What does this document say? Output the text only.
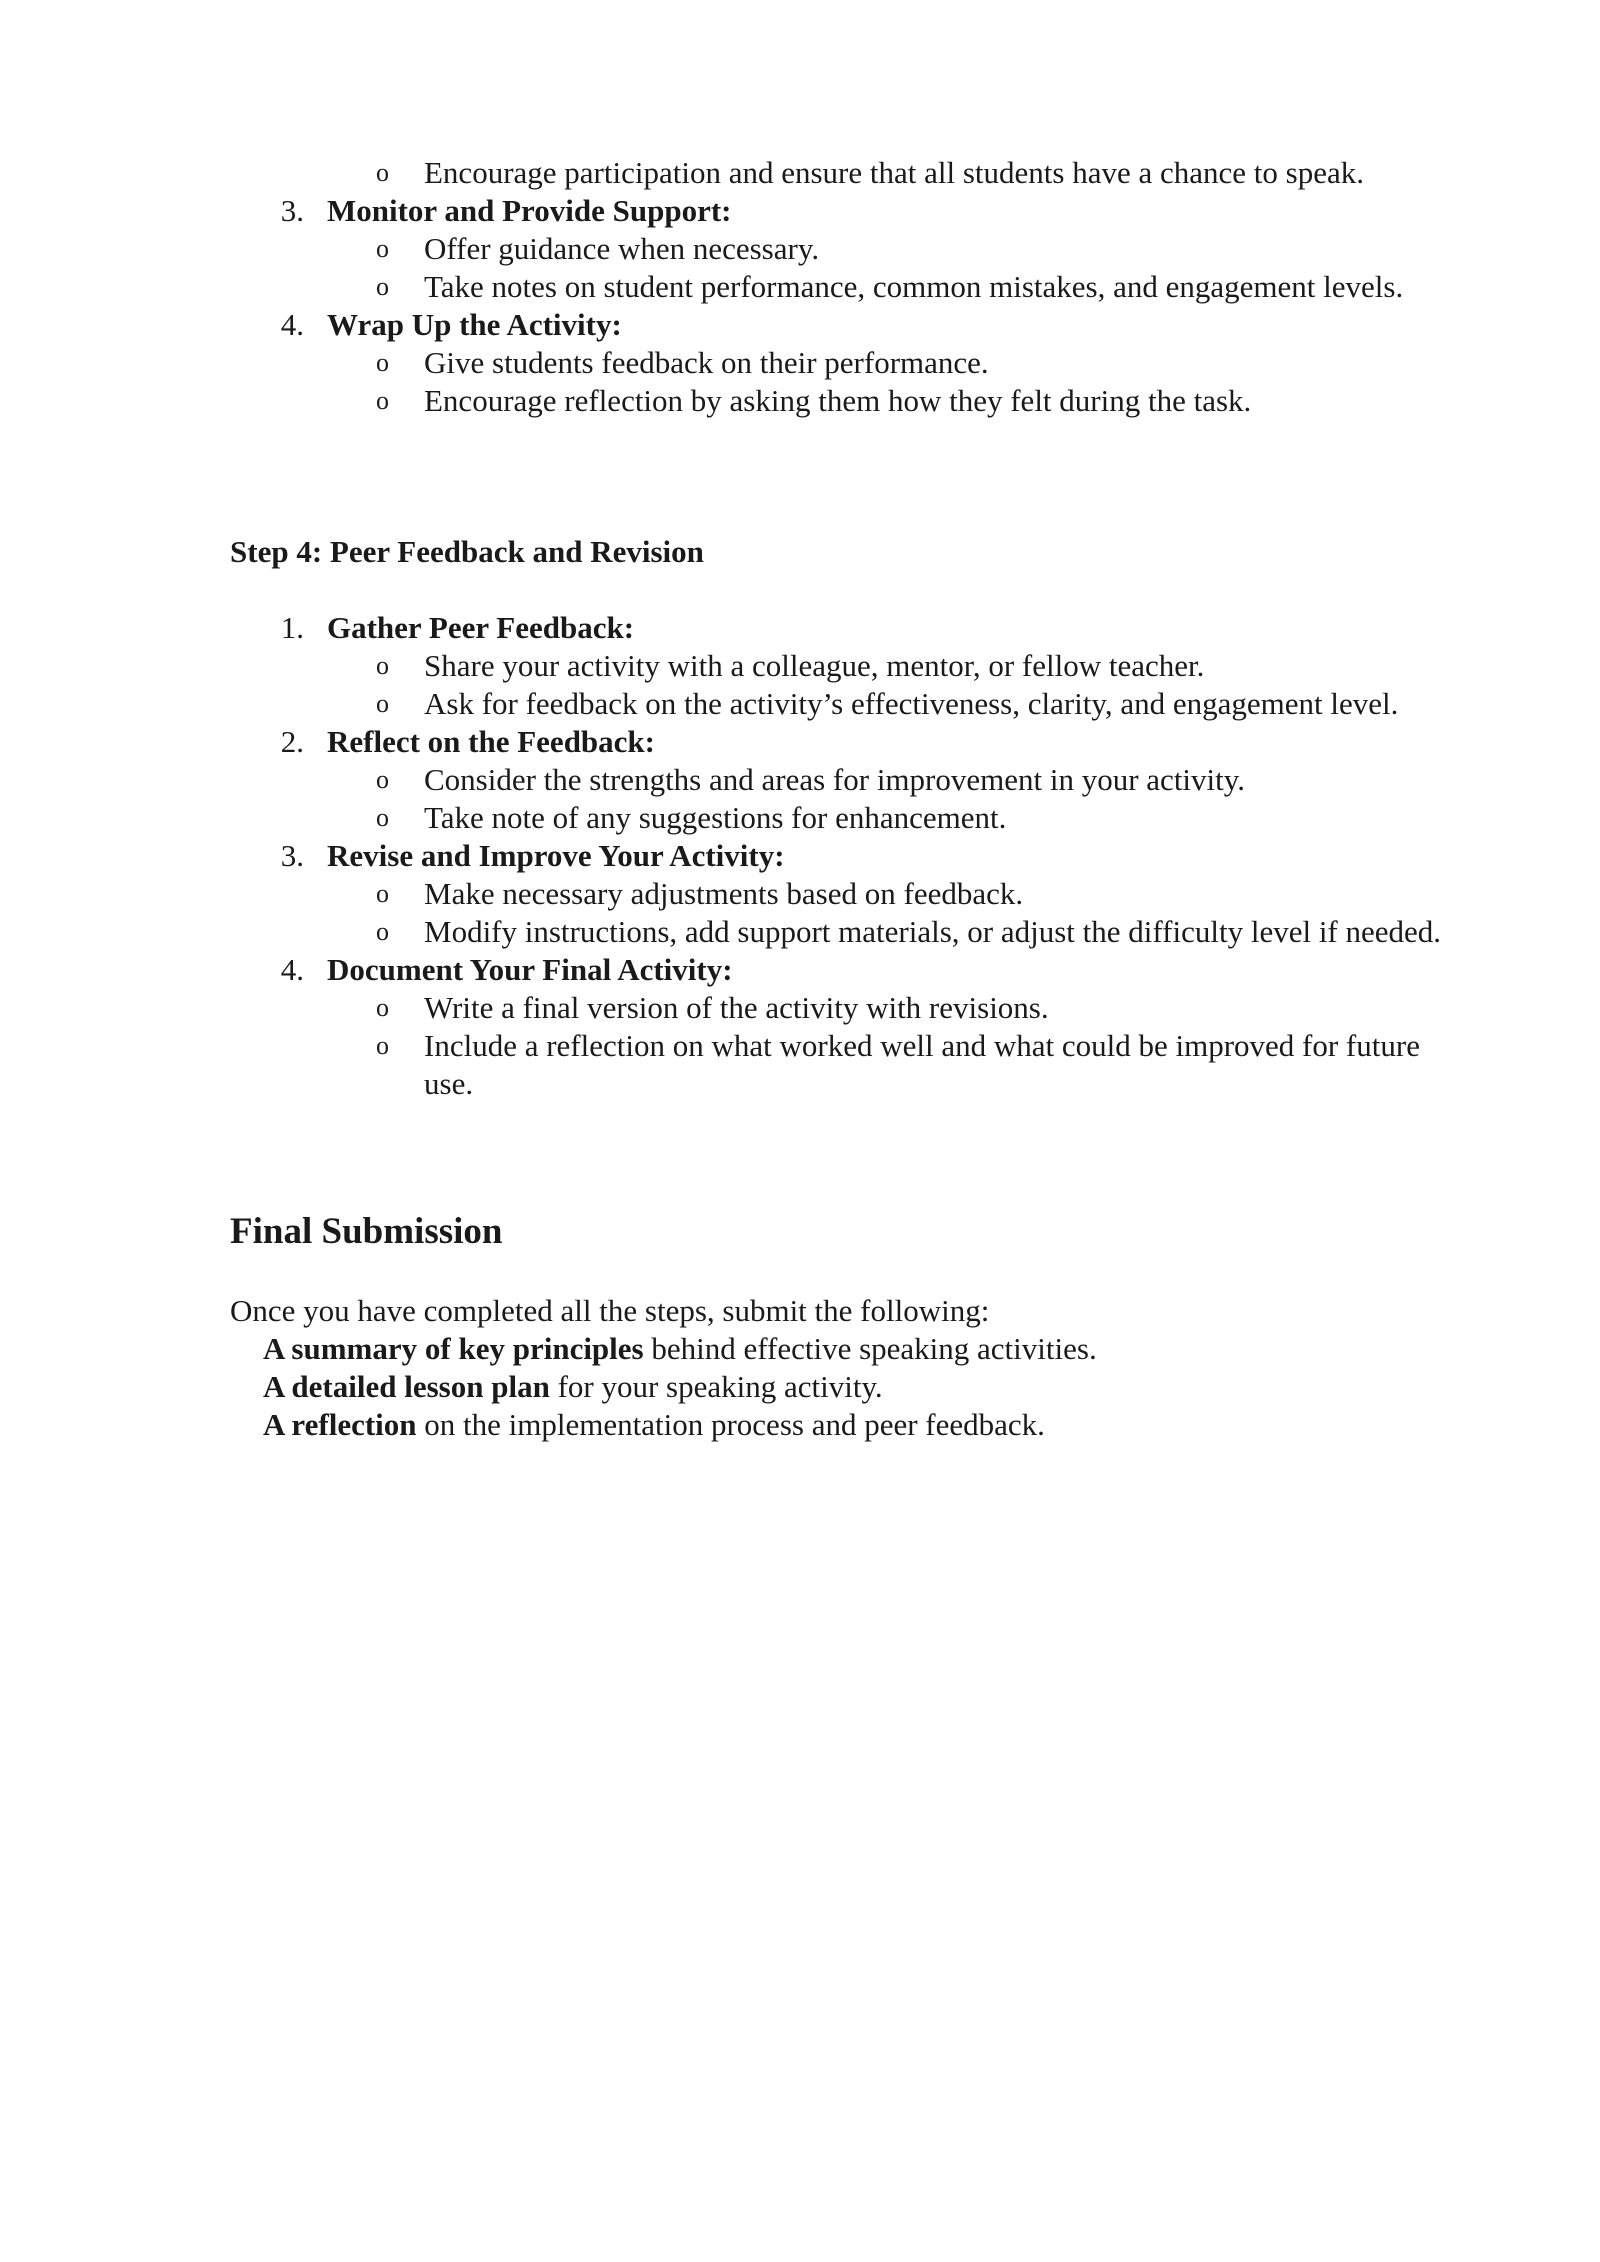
o Encourage participation and ensure that all students have a chance to speak.
3. Monitor and Provide Support:
o Offer guidance when necessary.
o Take notes on student performance, common mistakes, and engagement levels.
4. Wrap Up the Activity:
o Give students feedback on their performance.
o Encourage reflection by asking them how they felt during the task.
Step 4: Peer Feedback and Revision
1. Gather Peer Feedback:
o Share your activity with a colleague, mentor, or fellow teacher.
o Ask for feedback on the activity’s effectiveness, clarity, and engagement level.
2. Reflect on the Feedback:
o Consider the strengths and areas for improvement in your activity.
o Take note of any suggestions for enhancement.
3. Revise and Improve Your Activity:
o Make necessary adjustments based on feedback.
o Modify instructions, add support materials, or adjust the difficulty level if needed.
4. Document Your Final Activity:
o Write a final version of the activity with revisions.
o Include a reflection on what worked well and what could be improved for future
use.
Final Submission
Once you have completed all the steps, submit the following:
A summary of key principles behind effective speaking activities.
A detailed lesson plan for your speaking activity.
A reflection on the implementation process and peer feedback.
